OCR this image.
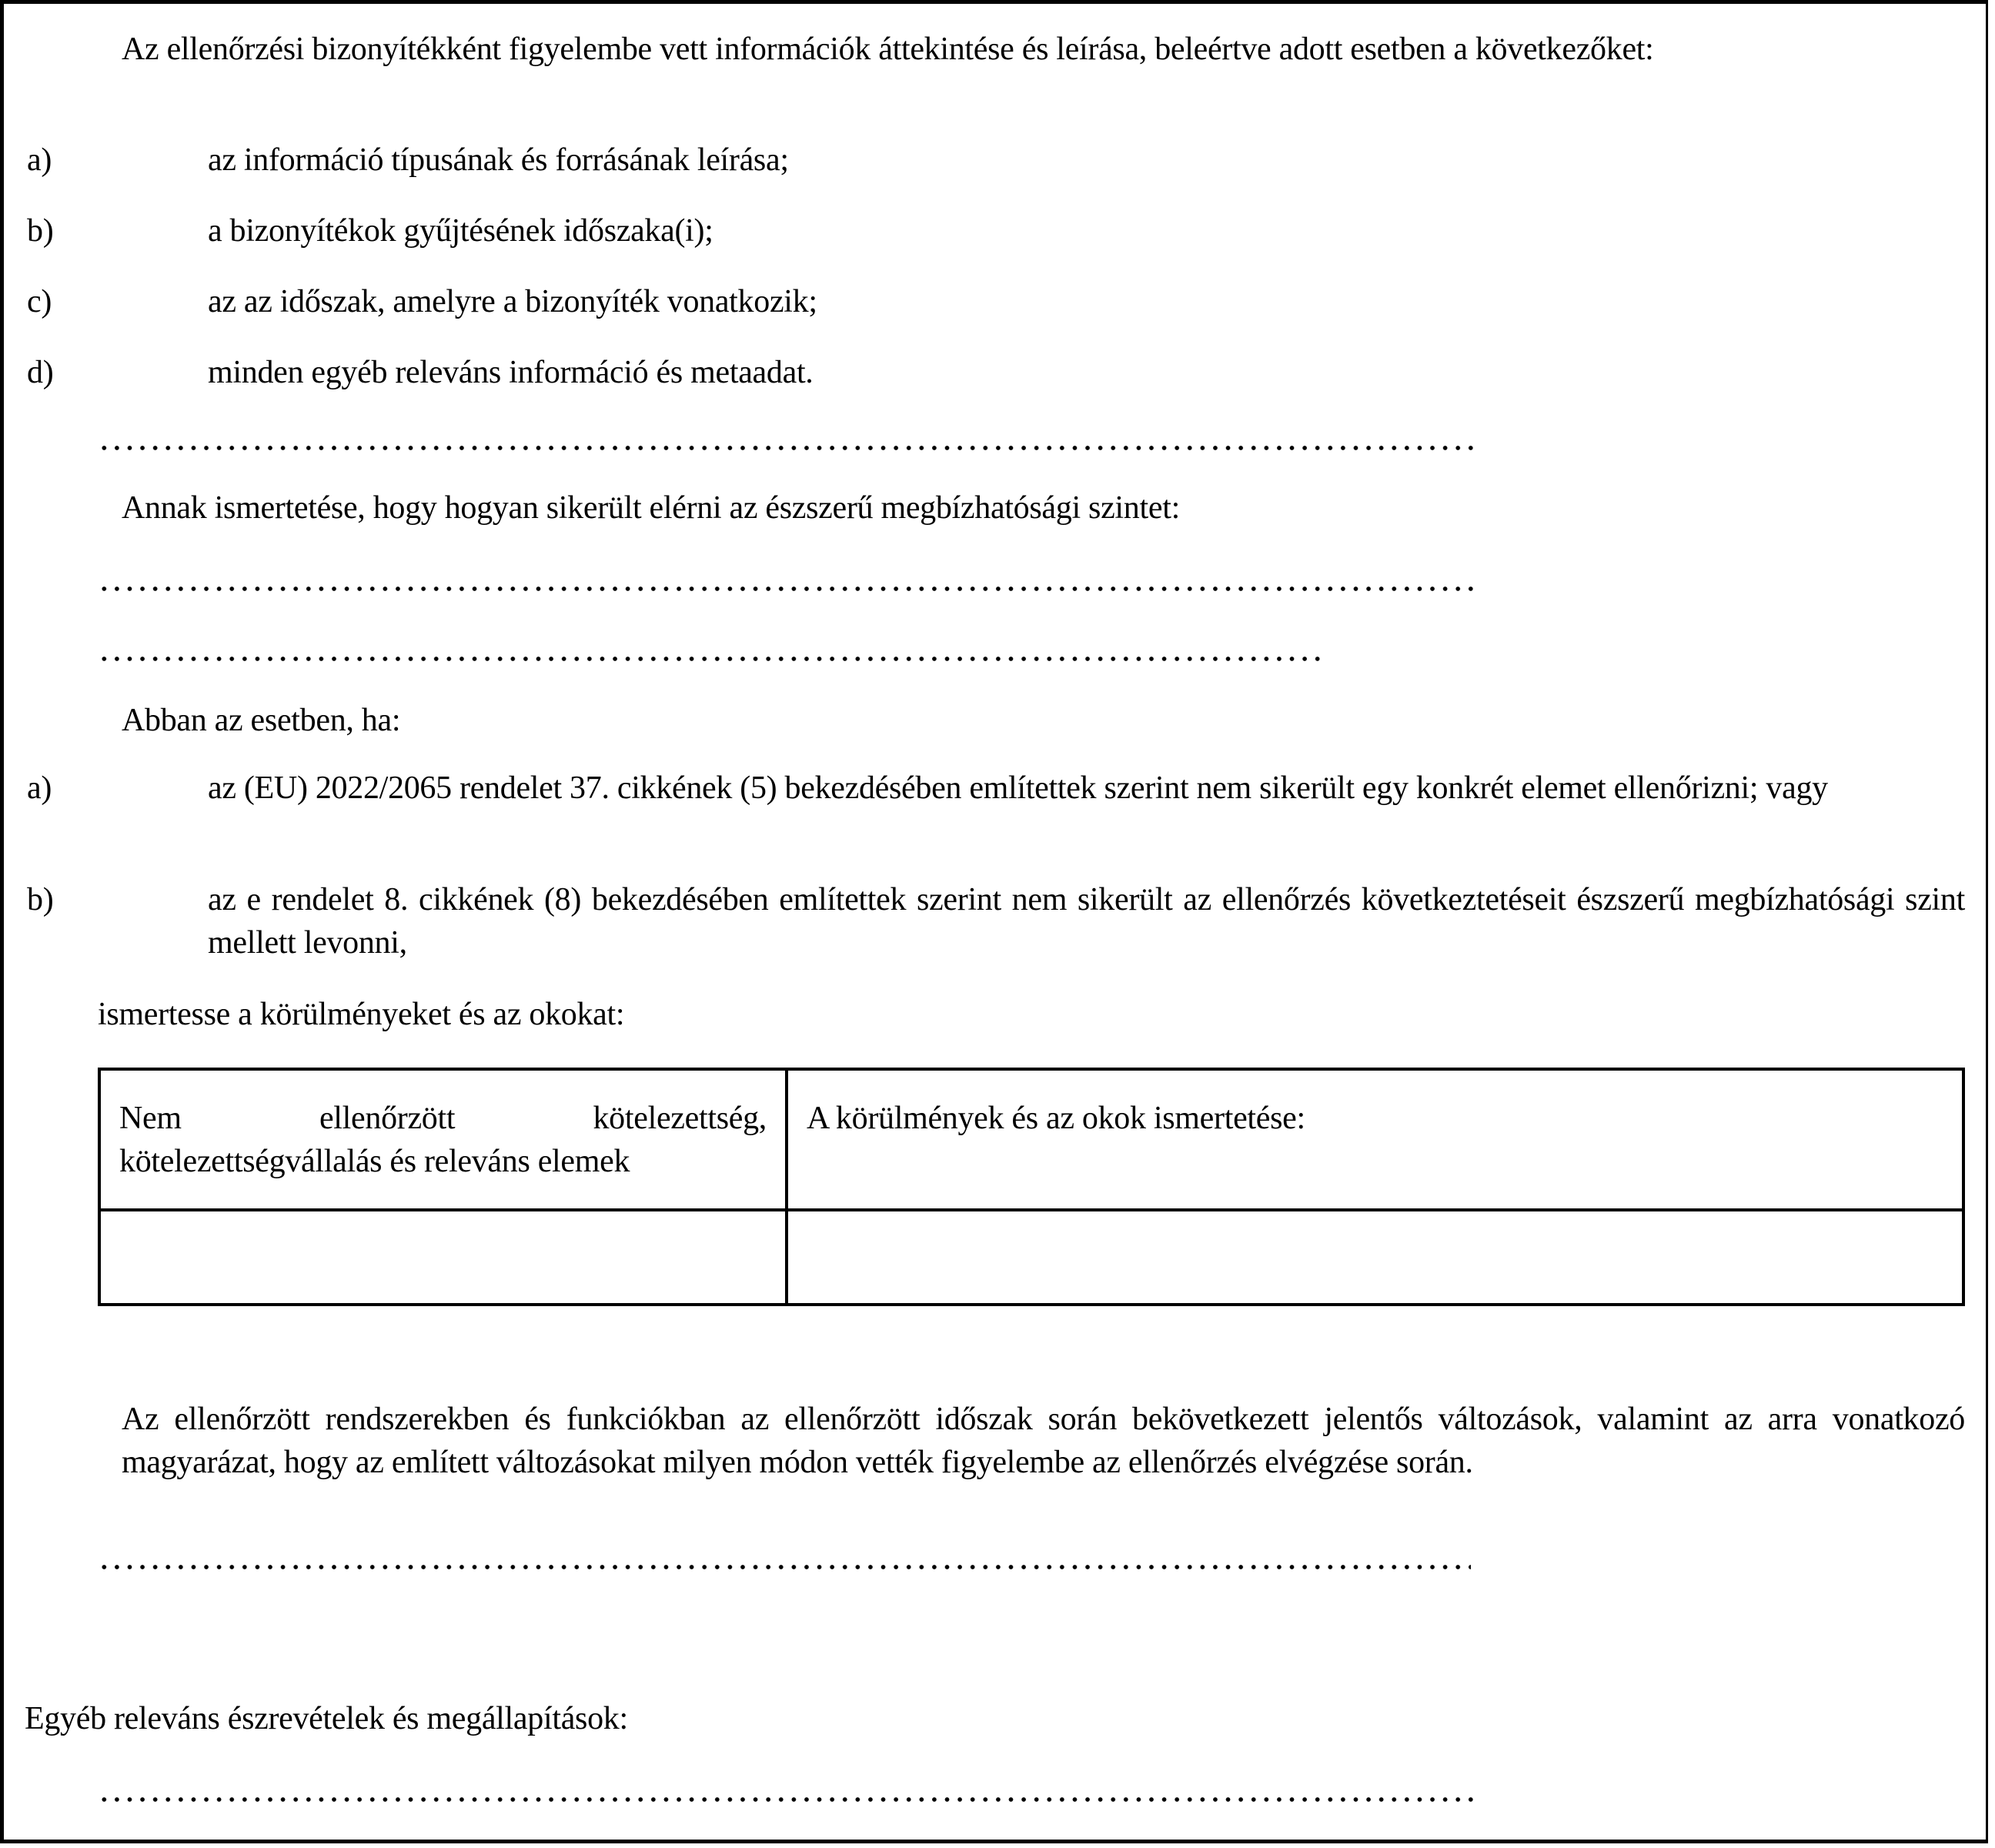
Az ellenőrzési bizonyítékként figyelembe vett információk áttekintése és leírása, beleértve adott esetben a következőket:
a)	az információ típusának és forrásának leírása;
b)	a bizonyítékok gyűjtésének időszaka(i);
c)	az az időszak, amelyre a bizonyíték vonatkozik;
d)	minden egyéb releváns információ és metaadat.
Annak ismertetése, hogy hogyan sikerült elérni az észszerű megbízhatósági szintet:
Abban az esetben, ha:
a)	az (EU) 2022/2065 rendelet 37. cikkének (5) bekezdésében említettek szerint nem sikerült egy konkrét elemet ellenőrizni; vagy
b)	az e rendelet 8. cikkének (8) bekezdésében említettek szerint nem sikerült az ellenőrzés következtetéseit észszerű megbízhatósági szint mellett levonni,
ismertesse a körülményeket és az okokat:
Nem ellenőrzött kötelezettség, kötelezettségvállalás és releváns elemek	A körülmények és az okok ismertetése:

Az ellenőrzött rendszerekben és funkciókban az ellenőrzött időszak során bekövetkezett jelentős változások, valamint az arra vonatkozó magyarázat, hogy az említett változásokat milyen módon vették figyelembe az ellenőrzés elvégzése során.
Egyéb releváns észrevételek és megállapítások:
